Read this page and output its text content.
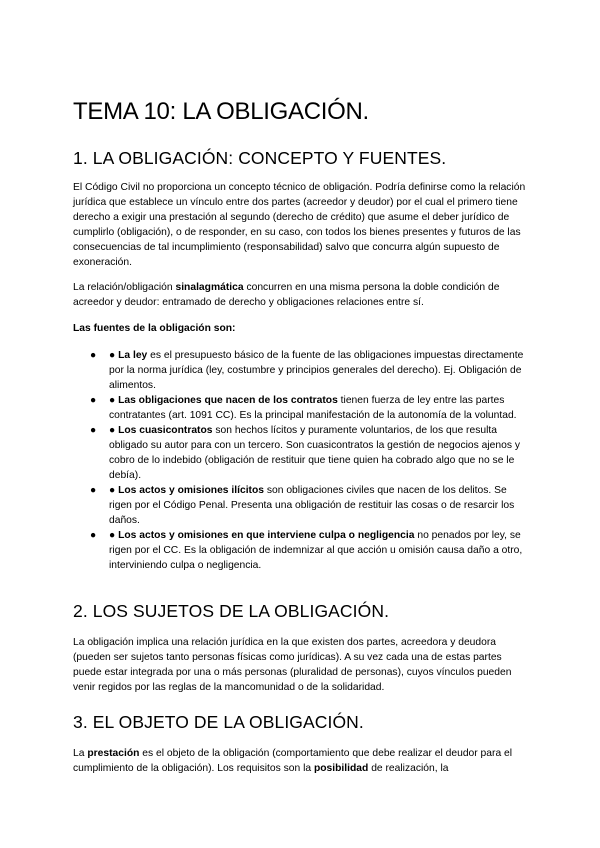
TEMA 10: LA OBLIGACIÓN.
1. LA OBLIGACIÓN: CONCEPTO Y FUENTES.

El Código Civil no proporciona un concepto técnico de obligación. Podría definirse como la relación jurídica que establece un vínculo entre dos partes (acreedor y deudor) por el cual el primero tiene derecho a exigir una prestación al segundo (derecho de crédito) que asume el deber jurídico de cumplirlo (obligación), o de responder, en su caso, con todos los bienes presentes y futuros de las consecuencias de tal incumplimiento (responsabilidad) salvo que concurra algún supuesto de exoneración.

La relación/obligación sinalagmática concurren en una misma persona la doble condición de acreedor y deudor: entramado de derecho y obligaciones relaciones entre sí.

Las fuentes de la obligación son:

● ● La ley es el presupuesto básico de la fuente de las obligaciones impuestas directamente por la norma jurídica (ley, costumbre y principios generales del derecho). Ej. Obligación de alimentos.
● ● Las obligaciones que nacen de los contratos tienen fuerza de ley entre las partes contratantes (art. 1091 CC). Es la principal manifestación de la autonomía de la voluntad.
● ● Los cuasicontratos son hechos lícitos y puramente voluntarios, de los que resulta obligado su autor para con un tercero. Son cuasicontratos la gestión de negocios ajenos y cobro de lo indebido (obligación de restituir que tiene quien ha cobrado algo que no se le debía).
● ● Los actos y omisiones ilícitos son obligaciones civiles que nacen de los delitos. Se rigen por el Código Penal. Presenta una obligación de restituir las cosas o de resarcir los daños.
● ● Los actos y omisiones en que interviene culpa o negligencia no penados por ley, se rigen por el CC. Es la obligación de indemnizar al que acción u omisión causa daño a otro, interviniendo culpa o negligencia.
2. LOS SUJETOS DE LA OBLIGACIÓN.

La obligación implica una relación jurídica en la que existen dos partes, acreedora y deudora (pueden ser sujetos tanto personas físicas como jurídicas). A su vez cada una de estas partes puede estar integrada por una o más personas (pluralidad de personas), cuyos vínculos pueden venir regidos por las reglas de la mancomunidad o de la solidaridad.

3. EL OBJETO DE LA OBLIGACIÓN.

La prestación es el objeto de la obligación (comportamiento que debe realizar el deudor para el cumplimiento de la obligación). Los requisitos son la posibilidad de realización, la
